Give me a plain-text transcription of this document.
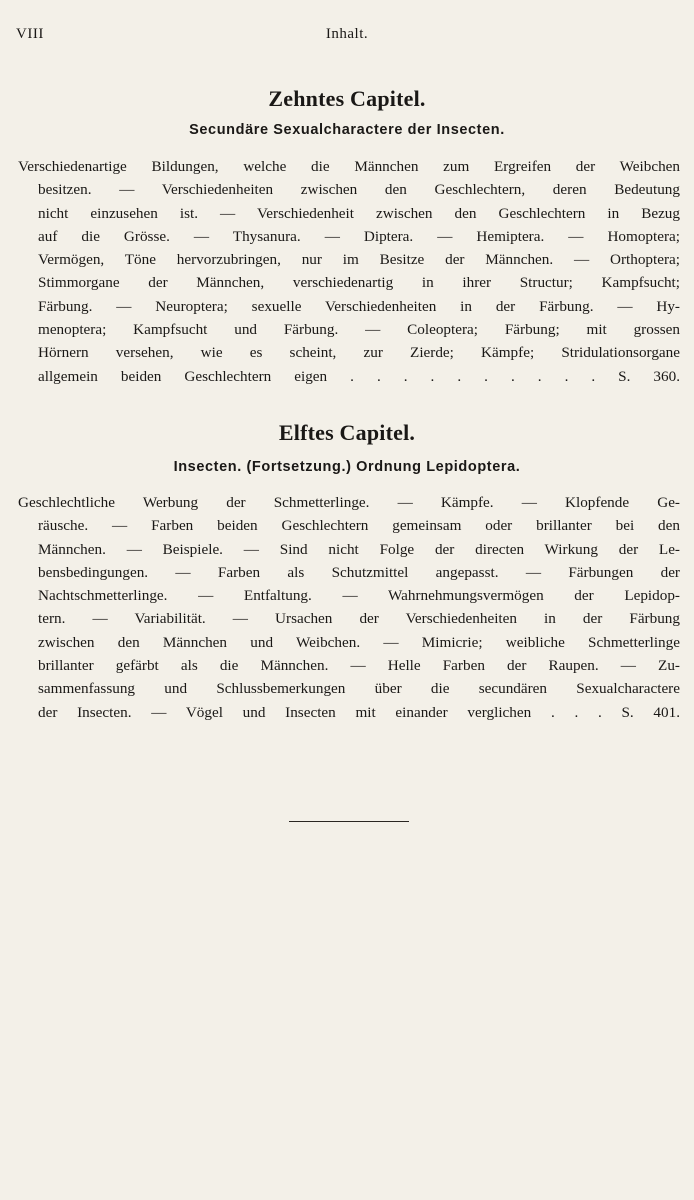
VIII	Inhalt.
Zehntes Capitel.
Secundäre Sexualcharactere der Insecten.
Verschiedenartige Bildungen, welche die Männchen zum Ergreifen der Weibchen
besitzen. — Verschiedenheiten zwischen den Geschlechtern, deren Bedeutung
nicht einzusehen ist. — Verschiedenheit zwischen den Geschlechtern in Bezug
auf die Grösse. — Thysanura. — Diptera. — Hemiptera. — Homoptera;
Vermögen, Töne hervorzubringen, nur im Besitze der Männchen. — Orthoptera;
Stimmorgane der Männchen, verschiedenartig in ihrer Structur; Kampfsucht;
Färbung. — Neuroptera; sexuelle Verschiedenheiten in der Färbung. — Hy-
menoptera; Kampfsucht und Färbung. — Coleoptera; Färbung; mit grossen
Hörnern versehen, wie es scheint, zur Zierde; Kämpfe; Stridulationsorgane
allgemein beiden Geschlechtern eigen . . . . . . . . . . S. 360.
Elftes Capitel.
Insecten. (Fortsetzung.) Ordnung Lepidoptera.
Geschlechtliche Werbung der Schmetterlinge. — Kämpfe. — Klopfende Ge-
räusche. — Farben beiden Geschlechtern gemeinsam oder brillanter bei den
Männchen. — Beispiele. — Sind nicht Folge der directen Wirkung der Le-
bensbedingungen. — Farben als Schutzmittel angepasst. — Färbungen der
Nachtschmetterlinge. — Entfaltung. — Wahrnehmungsvermögen der Lepidop-
tern. — Variabilität. — Ursachen der Verschiedenheiten in der Färbung
zwischen den Männchen und Weibchen. — Mimicrie; weibliche Schmetterlinge
brillanter gefärbt als die Männchen. — Helle Farben der Raupen. — Zu-
sammenfassung und Schlussbemerkungen über die secundären Sexualcharactere
der Insecten. — Vögel und Insecten mit einander verglichen . . . S. 401.
